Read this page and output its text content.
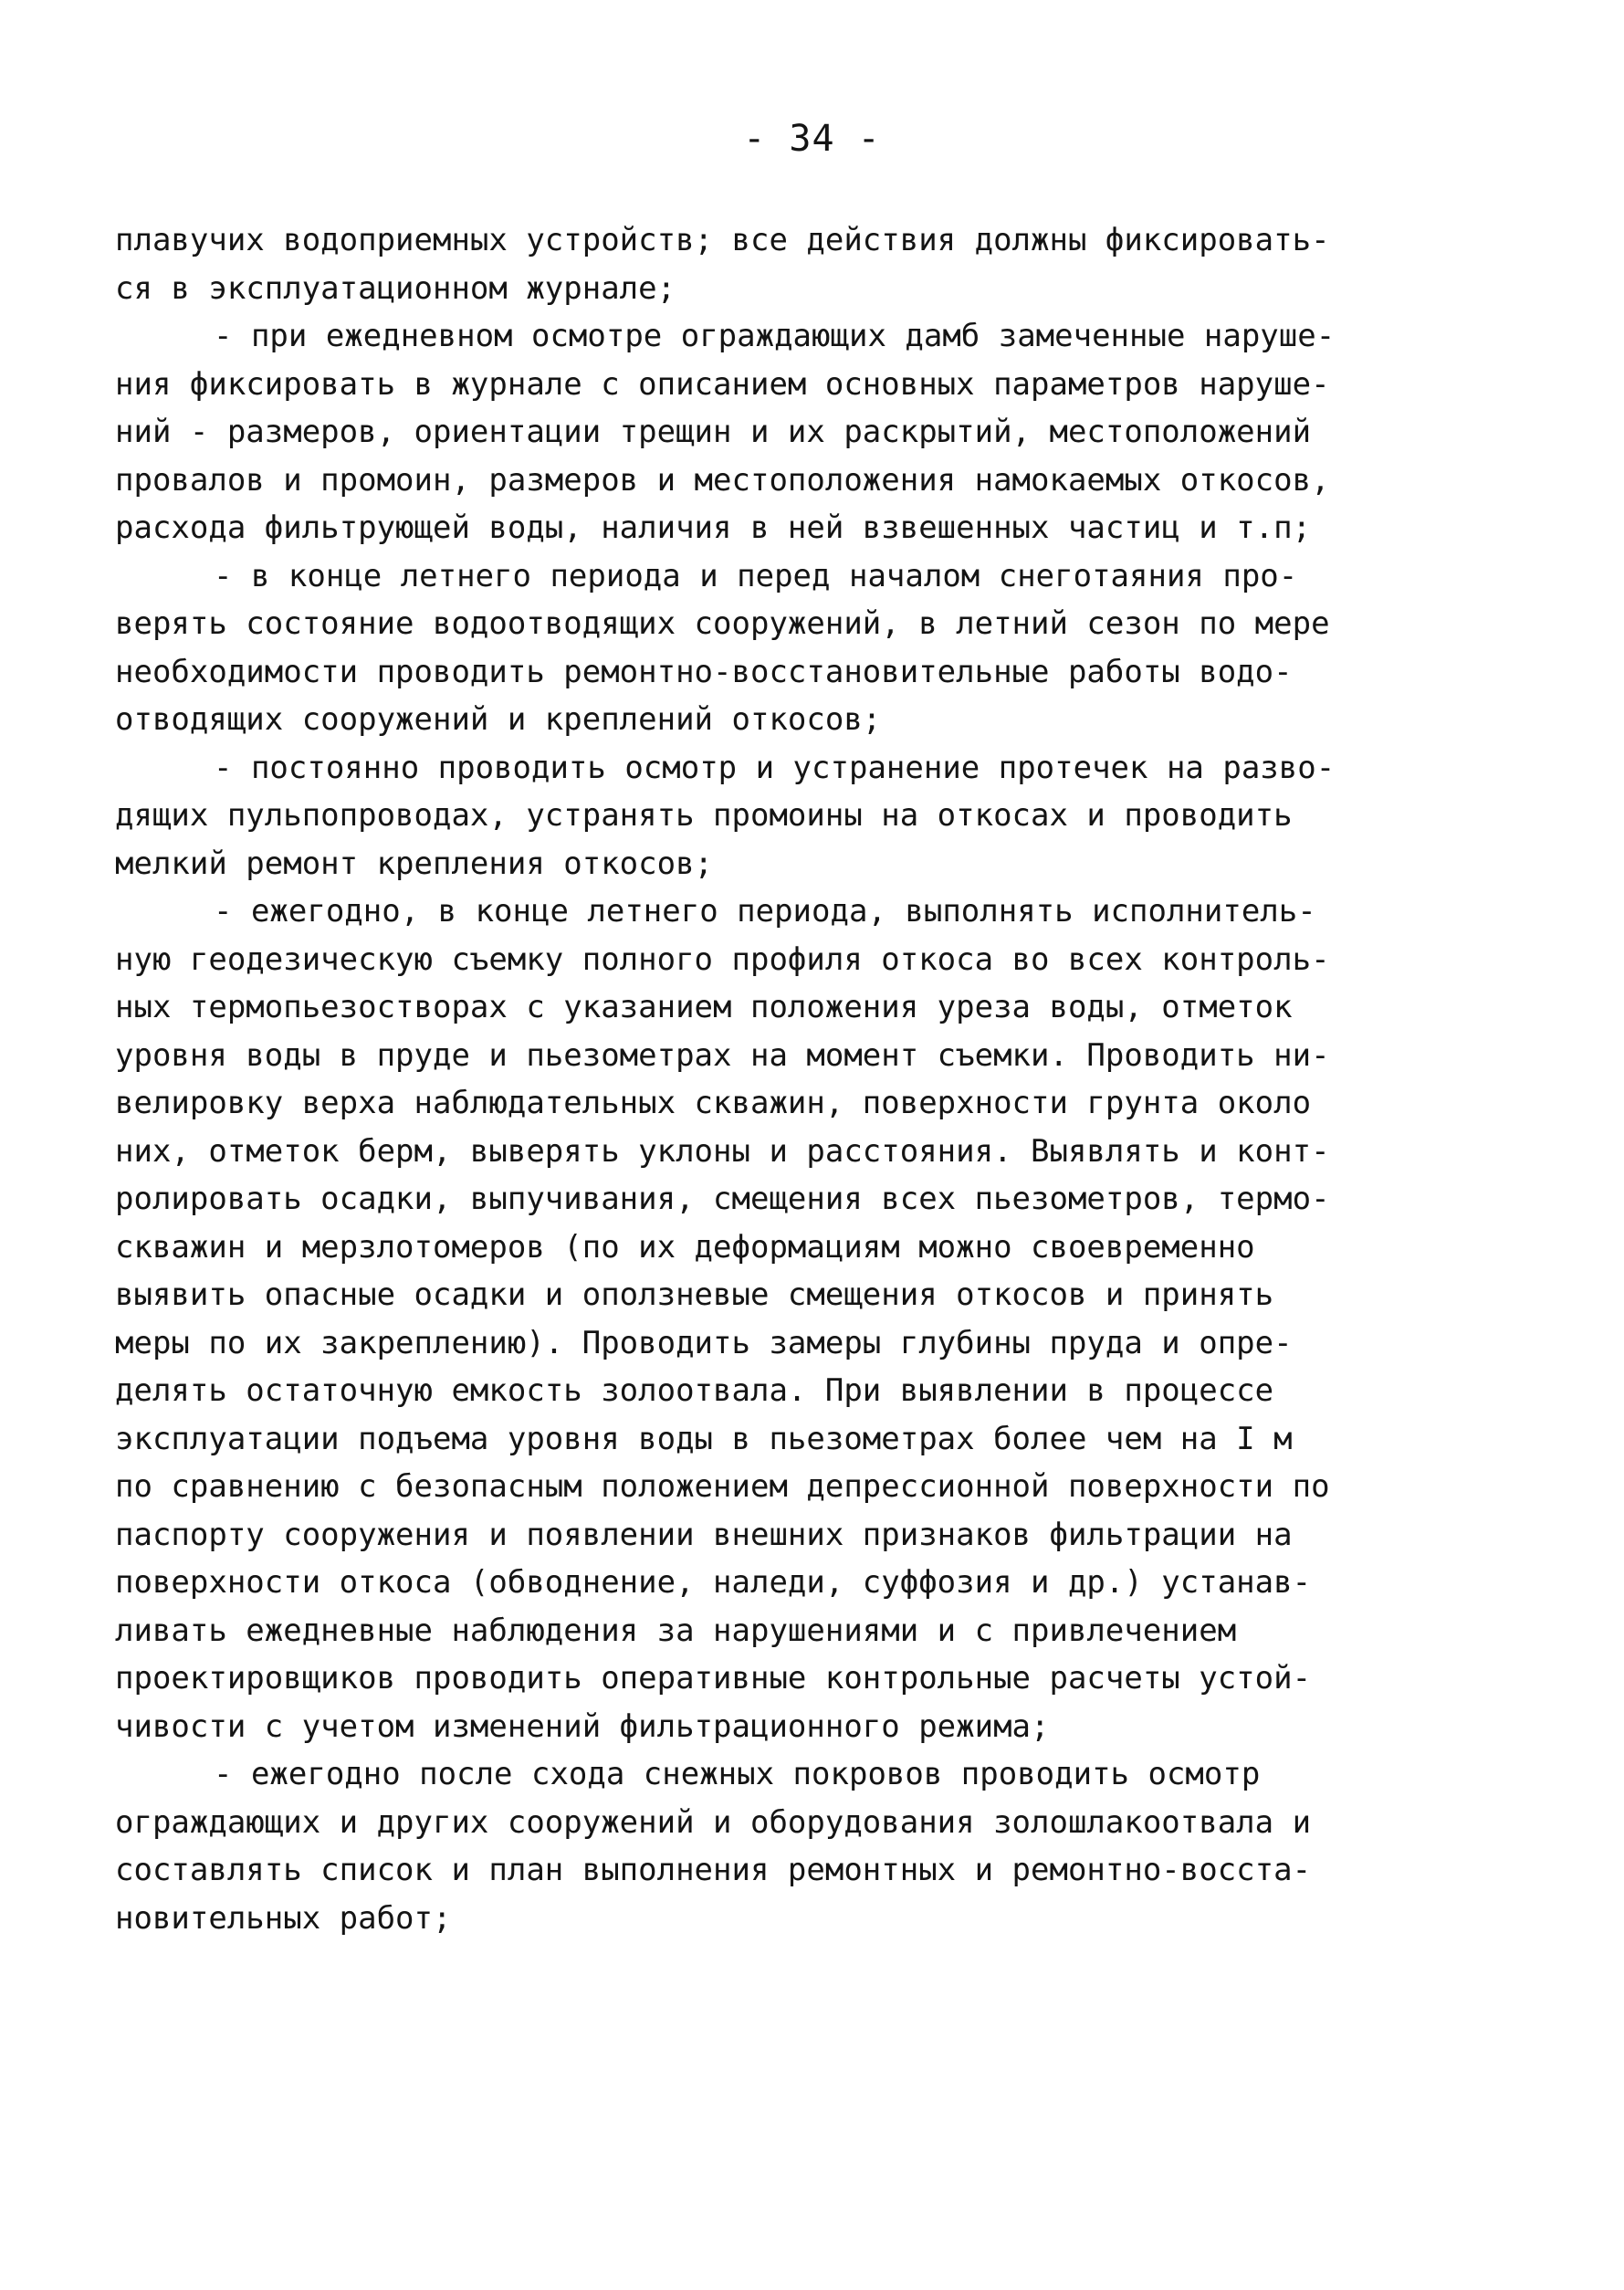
- 34 -
плавучих водоприемных устройств; все действия должны фиксировать-
ся в эксплуатационном журнале;
- при ежедневном осмотре ограждающих дамб замеченные наруше-
ния фиксировать в журнале с описанием основных параметров наруше-
ний - размеров, ориентации трещин и их раскрытий, местоположений
провалов и промоин, размеров и местоположения намокаемых откосов,
расхода фильтрующей воды, наличия в ней взвешенных частиц и т.п;
- в конце летнего периода и перед началом снеготаяния про-
верять состояние водоотводящих сооружений, в летний сезон по мере
необходимости проводить ремонтно-восстановительные работы водо-
отводящих сооружений и креплений откосов;
- постоянно проводить осмотр и устранение протечек на разво-
дящих пульпопроводах, устранять промоины на откосах и проводить
мелкий ремонт крепления откосов;
- ежегодно, в конце летнего периода, выполнять исполнитель-
ную геодезическую съемку полного профиля откоса во всех контроль-
ных термопьезостворах с указанием положения уреза воды, отметок
уровня воды в пруде и пьезометрах на момент съемки. Проводить ни-
велировку верха наблюдательных скважин, поверхности грунта около
них, отметок берм, выверять уклоны и расстояния. Выявлять и конт-
ролировать осадки, выпучивания, смещения всех пьезометров, термо-
скважин и мерзлотомеров (по их деформациям можно своевременно
выявить опасные осадки и оползневые смещения откосов и принять
меры по их закреплению). Проводить замеры глубины пруда и опре-
делять остаточную емкость золоотвала. При выявлении в процессе
эксплуатации подъема уровня воды в пьезометрах более чем на I м
по сравнению с безопасным положением депрессионной поверхности по
паспорту сооружения и появлении внешних признаков фильтрации на
поверхности откоса (обводнение, наледи, суффозия и др.) устанав-
ливать ежедневные наблюдения за нарушениями и с привлечением
проектировщиков проводить оперативные контрольные расчеты устой-
чивости с учетом изменений фильтрационного режима;
- ежегодно после схода снежных покровов проводить осмотр
ограждающих и других сооружений и оборудования золошлакоотвала и
составлять список и план выполнения ремонтных и ремонтно-восста-
новительных работ;
